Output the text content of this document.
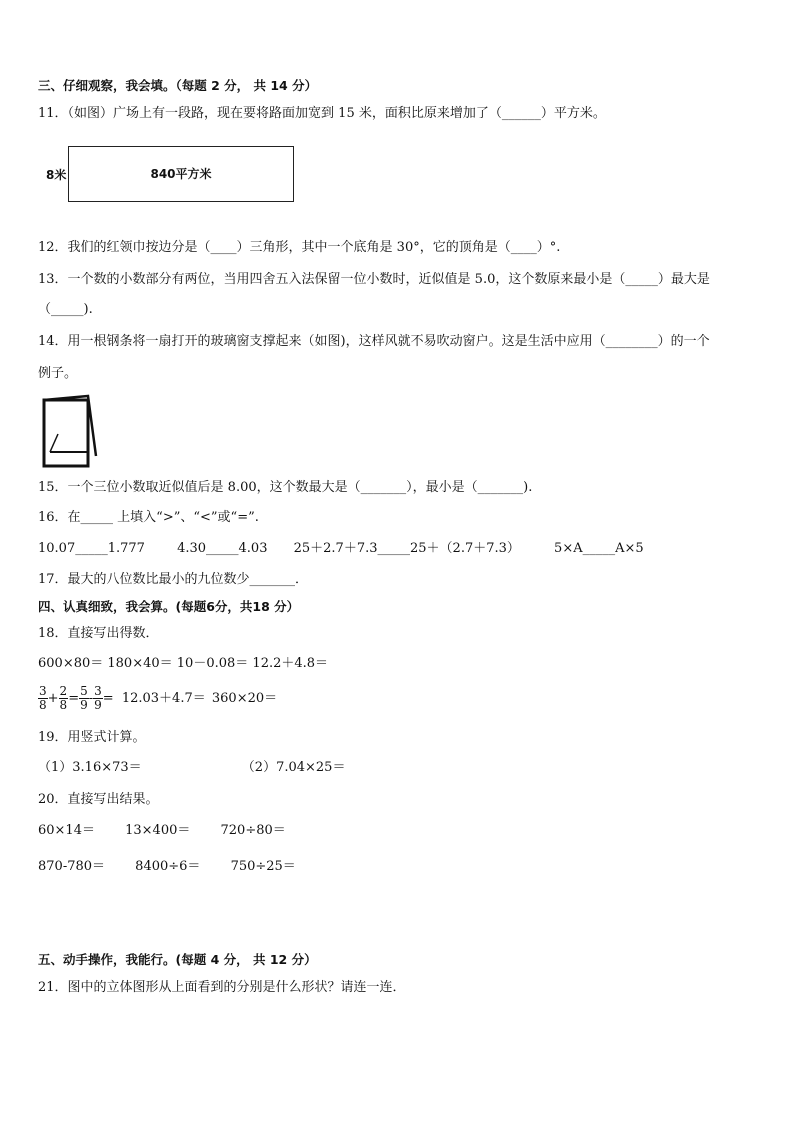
三、仔细观察，我会填。（每题 2 分， 共 14 分）
11．（如图）广场上有一段路，现在要将路面加宽到 15 米，面积比原来增加了（______）平方米。
8米	840平方米
12．我们的红领巾按边分是（____）三角形，其中一个底角是 30°，它的顶角是（____）°.
13．一个数的小数部分有两位，当用四舍五入法保留一位小数时，近似值是 5.0，这个数原来最小是（_____）最大是
（_____).
14．用一根钢条将一扇打开的玻璃窗支撑起来（如图)，这样风就不易吹动窗户。这是生活中应用（________）的一个
例子。
15．一个三位小数取近似值后是 8.00，这个数最大是（_______），最小是（_______).
16．在_____ 上填入“>”、“<”或“=”.
10.07_____1.777 4.30_____4.03 25＋2.7＋7.3_____25＋（2.7＋7.3）	5×A_____A×5
17．最大的八位数比最小的九位数少_______．
四、认真细致，我会算。(每题6分，共18 分）
18．直接写出得数．
600×80＝ 180×40＝ 10－0.08＝ 12.2＋4.8＝
$\frac{3}{8} + \frac{2}{8} = \frac{5}{9} - \frac{3}{9} = 12.03+4.7= 360\times 20=$
19．用竖式计算。
（1）3.16×73＝	（2）7.04×25＝
20．直接写出结果。
60×14＝ 13×400＝ 720÷80＝
870-780＝ 8400÷6＝ 750÷25＝
五、动手操作，我能行。(每题 4 分， 共 12 分）
21．图中的立体图形从上面看到的分别是什么形状？请连一连．
